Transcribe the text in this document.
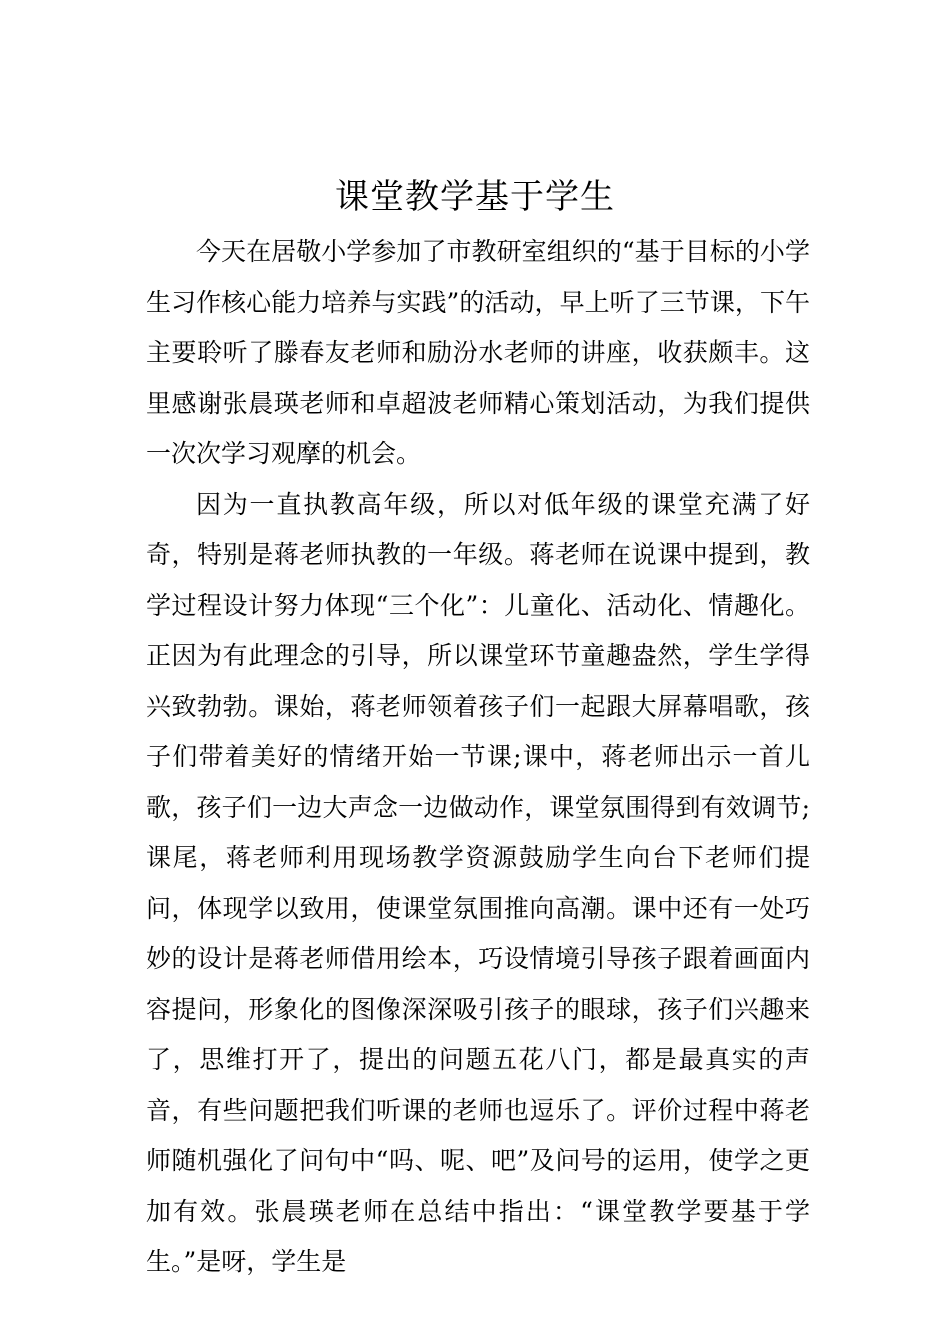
课堂教学基于学生

今天在居敬小学参加了市教研室组织的“基于目标的小学生习作核心能力培养与实践”的活动，早上听了三节课，下午主要聆听了滕春友老师和励汾水老师的讲座，收获颇丰。这里感谢张晨瑛老师和卓超波老师精心策划活动，为我们提供一次次学习观摩的机会。

因为一直执教高年级，所以对低年级的课堂充满了好奇，特别是蒋老师执教的一年级。蒋老师在说课中提到，教学过程设计努力体现“三个化”：儿童化、活动化、情趣化。正因为有此理念的引导，所以课堂环节童趣盎然，学生学得兴致勃勃。课始，蒋老师领着孩子们一起跟大屏幕唱歌，孩子们带着美好的情绪开始一节课;课中，蒋老师出示一首儿歌，孩子们一边大声念一边做动作，课堂氛围得到有效调节;课尾，蒋老师利用现场教学资源鼓励学生向台下老师们提问，体现学以致用，使课堂氛围推向高潮。课中还有一处巧妙的设计是蒋老师借用绘本，巧设情境引导孩子跟着画面内容提问，形象化的图像深深吸引孩子的眼球，孩子们兴趣来了，思维打开了，提出的问题五花八门，都是最真实的声音，有些问题把我们听课的老师也逗乐了。评价过程中蒋老师随机强化了问句中“吗、呢、吧”及问号的运用，使学之更加有效。张晨瑛老师在总结中指出：“课堂教学要基于学生。”是呀，学生是
